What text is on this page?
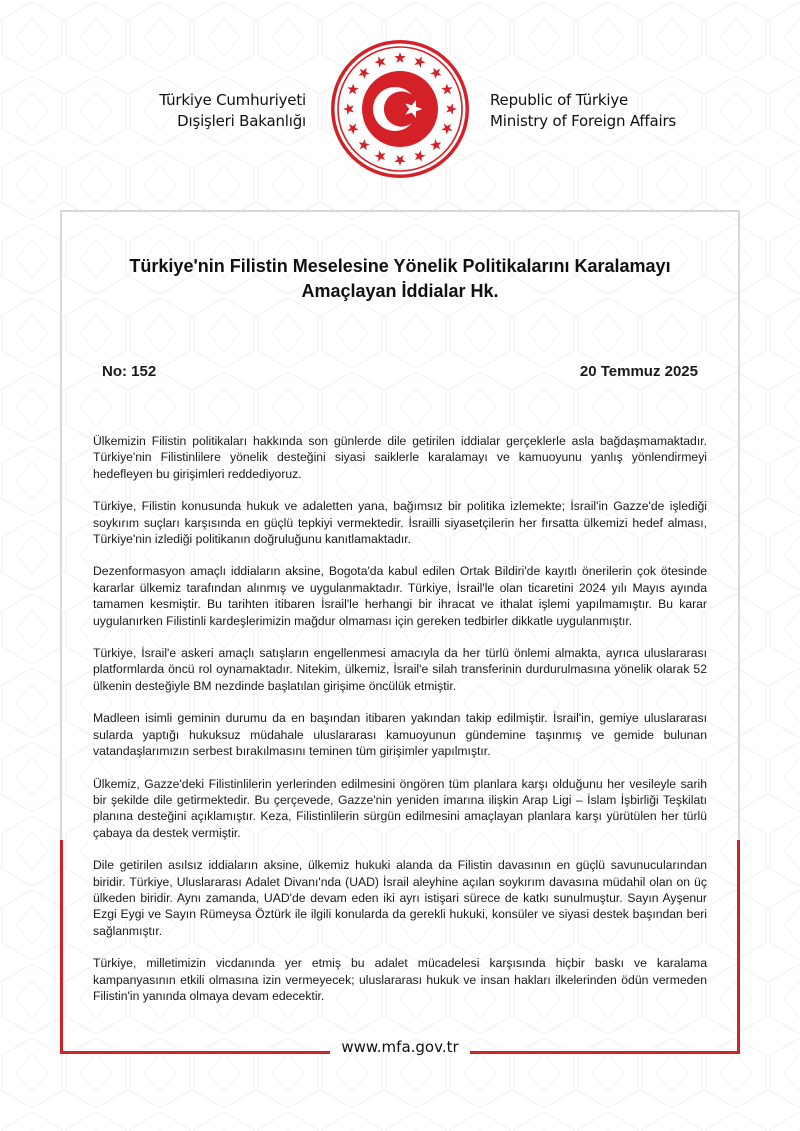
Türkiye Cumhuriyeti
Dışişleri Bakanlığı
Republic of Türkiye
Ministry of Foreign Affairs
Türkiye'nin Filistin Meselesine Yönelik Politikalarını Karalamayı
Amaçlayan İddialar Hk.
No: 152	20 Temmuz 2025

Ülkemizin Filistin politikaları hakkında son günlerde dile getirilen iddialar gerçeklerle asla bağdaşmamaktadır. Türkiye'nin Filistinlilere yönelik desteğini siyasi saiklerle karalamayı ve kamuoyunu yanlış yönlendirmeyi hedefleyen bu girişimleri reddediyoruz.

Türkiye, Filistin konusunda hukuk ve adaletten yana, bağımsız bir politika izlemekte; İsrail'in Gazze'de işlediği soykırım suçları karşısında en güçlü tepkiyi vermektedir. İsrailli siyasetçilerin her fırsatta ülkemizi hedef alması, Türkiye'nin izlediği politikanın doğruluğunu kanıtlamaktadır.

Dezenformasyon amaçlı iddiaların aksine, Bogota'da kabul edilen Ortak Bildiri'de kayıtlı önerilerin çok ötesinde kararlar ülkemiz tarafından alınmış ve uygulanmaktadır. Türkiye, İsrail'le olan ticaretini 2024 yılı Mayıs ayında tamamen kesmiştir. Bu tarihten itibaren İsrail'le herhangi bir ihracat ve ithalat işlemi yapılmamıştır. Bu karar uygulanırken Filistinli kardeşlerimizin mağdur olmaması için gereken tedbirler dikkatle uygulanmıştır.

Türkiye, İsrail'e askeri amaçlı satışların engellenmesi amacıyla da her türlü önlemi almakta, ayrıca uluslararası platformlarda öncü rol oynamaktadır. Nitekim, ülkemiz, İsrail'e silah transferinin durdurulmasına yönelik olarak 52 ülkenin desteğiyle BM nezdinde başlatılan girişime öncülük etmiştir.

Madleen isimli geminin durumu da en başından itibaren yakından takip edilmiştir. İsrail'in, gemiye uluslararası sularda yaptığı hukuksuz müdahale uluslararası kamuoyunun gündemine taşınmış ve gemide bulunan vatandaşlarımızın serbest bırakılmasını teminen tüm girişimler yapılmıştır.

Ülkemiz, Gazze'deki Filistinlilerin yerlerinden edilmesini öngören tüm planlara karşı olduğunu her vesileyle sarih bir şekilde dile getirmektedir. Bu çerçevede, Gazze'nin yeniden imarına ilişkin Arap Ligi – İslam İşbirliği Teşkilatı planına desteğini açıklamıştır. Keza, Filistinlilerin sürgün edilmesini amaçlayan planlara karşı yürütülen her türlü çabaya da destek vermiştir.

Dile getirilen asılsız iddiaların aksine, ülkemiz hukuki alanda da Filistin davasının en güçlü savunucularından biridir. Türkiye, Uluslararası Adalet Divanı'nda (UAD) İsrail aleyhine açılan soykırım davasına müdahil olan on üç ülkeden biridir. Aynı zamanda, UAD'de devam eden iki ayrı istişari sürece de katkı sunulmuştur. Sayın Ayşenur Ezgi Eygi ve Sayın Rümeysa Öztürk ile ilgili konularda da gerekli hukuki, konsüler ve siyasi destek başından beri sağlanmıştır.

Türkiye, milletimizin vicdanında yer etmiş bu adalet mücadelesi karşısında hiçbir baskı ve karalama kampanyasının etkili olmasına izin vermeyecek; uluslararası hukuk ve insan hakları ilkelerinden ödün vermeden Filistin'in yanında olmaya devam edecektir.

www.mfa.gov.tr
